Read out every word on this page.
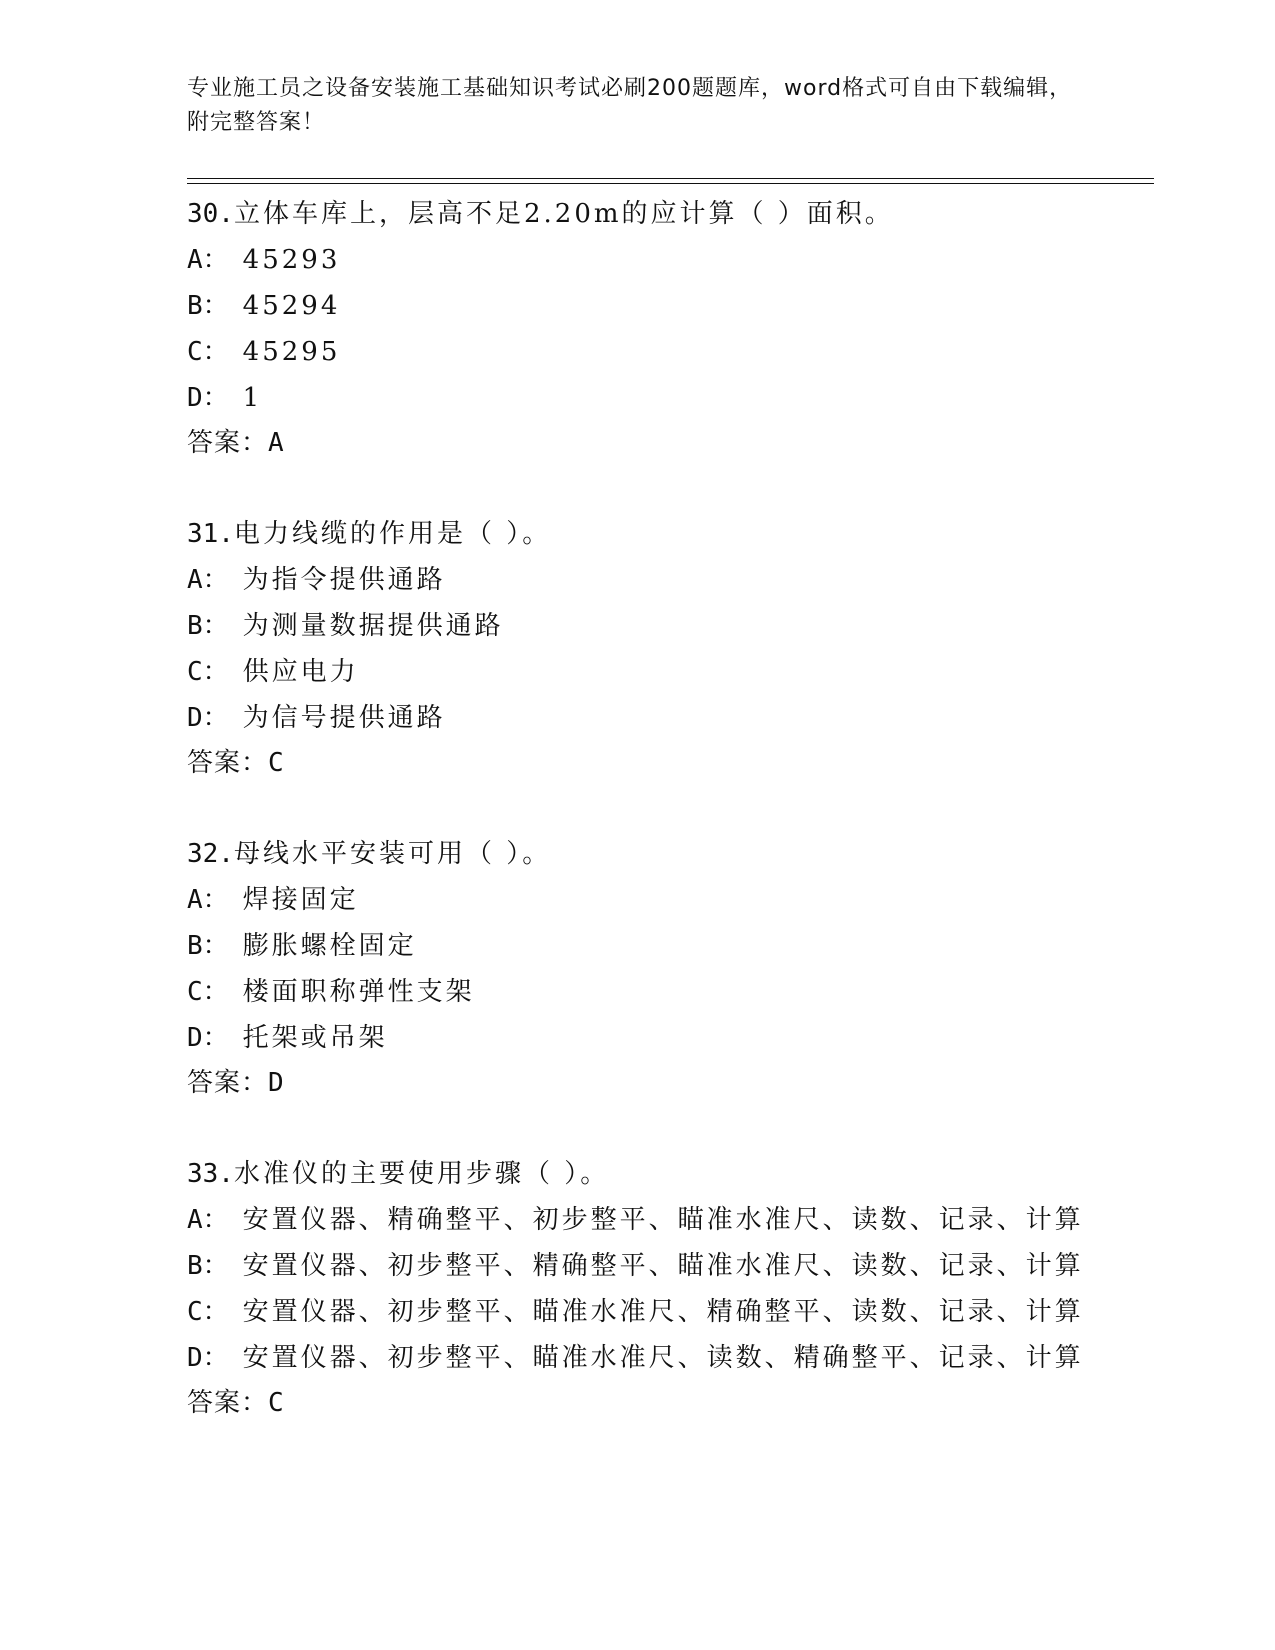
专业施工员之设备安装施工基础知识考试必刷200题题库，word格式可自由下载编辑，附完整答案！
30.立体车库上，层高不足2.20m的应计算（ ）面积。
A： 45293
B： 45294
C： 45295
D： 1
答案：A
31.电力线缆的作用是（ ）。
A： 为指令提供通路
B： 为测量数据提供通路
C： 供应电力
D： 为信号提供通路
答案：C
32.母线水平安装可用（ ）。
A： 焊接固定
B： 膨胀螺栓固定
C： 楼面职称弹性支架
D： 托架或吊架
答案：D
33.水准仪的主要使用步骤（ ）。
A： 安置仪器、精确整平、初步整平、瞄准水准尺、读数、记录、计算
B： 安置仪器、初步整平、精确整平、瞄准水准尺、读数、记录、计算
C： 安置仪器、初步整平、瞄准水准尺、精确整平、读数、记录、计算
D： 安置仪器、初步整平、瞄准水准尺、读数、精确整平、记录、计算
答案：C
